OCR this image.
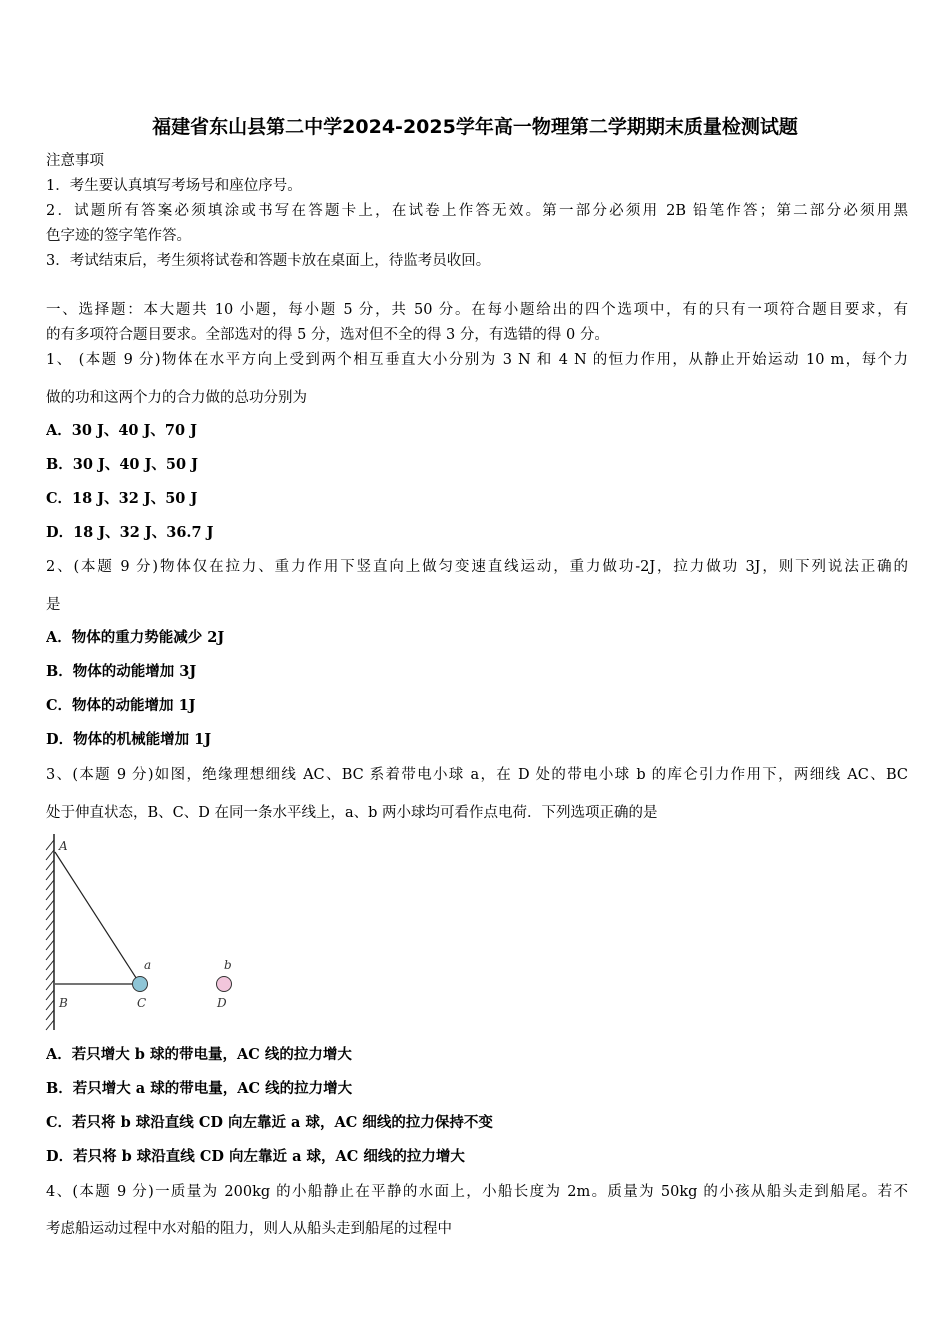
福建省东山县第二中学2024-2025学年高一物理第二学期期末质量检测试题
注意事项
1．考生要认真填写考场号和座位序号。
2．试题所有答案必须填涂或书写在答题卡上，在试卷上作答无效。第一部分必须用 2B 铅笔作答；第二部分必须用黑
色字迹的签字笔作答。
3．考试结束后，考生须将试卷和答题卡放在桌面上，待监考员收回。
一、选择题：本大题共 10 小题，每小题 5 分，共 50 分。在每小题给出的四个选项中，有的只有一项符合题目要求，有
的有多项符合题目要求。全部选对的得 5 分，选对但不全的得 3 分，有选错的得 0 分。
1、 (本题 9 分)物体在水平方向上受到两个相互垂直大小分别为 3 N 和 4 N 的恒力作用，从静止开始运动 10 m，每个力
做的功和这两个力的合力做的总功分别为
A．30 J、40 J、70 J
B．30 J、40 J、50 J
C．18 J、32 J、50 J
D．18 J、32 J、36.7 J
2、(本题 9 分)物体仅在拉力、重力作用下竖直向上做匀变速直线运动，重力做功-2J，拉力做功 3J，则下列说法正确的
是
A．物体的重力势能减少 2J
B．物体的动能增加 3J
C．物体的动能增加 1J
D．物体的机械能增加 1J
3、(本题 9 分)如图，绝缘理想细线 AC、BC 系着带电小球 a，在 D 处的带电小球 b 的库仑引力作用下，两细线 AC、BC
处于伸直状态，B、C、D 在同一条水平线上，a、b 两小球均可看作点电荷．下列选项正确的是
A
B	C	D
a	b
A．若只增大 b 球的带电量，AC 线的拉力增大
B．若只增大 a 球的带电量，AC 线的拉力增大
C．若只将 b 球沿直线 CD 向左靠近 a 球，AC 细线的拉力保持不变
D．若只将 b 球沿直线 CD 向左靠近 a 球，AC 细线的拉力增大
4、(本题 9 分)一质量为 200kg 的小船静止在平静的水面上，小船长度为 2m。质量为 50kg 的小孩从船头走到船尾。若不
考虑船运动过程中水对船的阻力，则人从船头走到船尾的过程中
